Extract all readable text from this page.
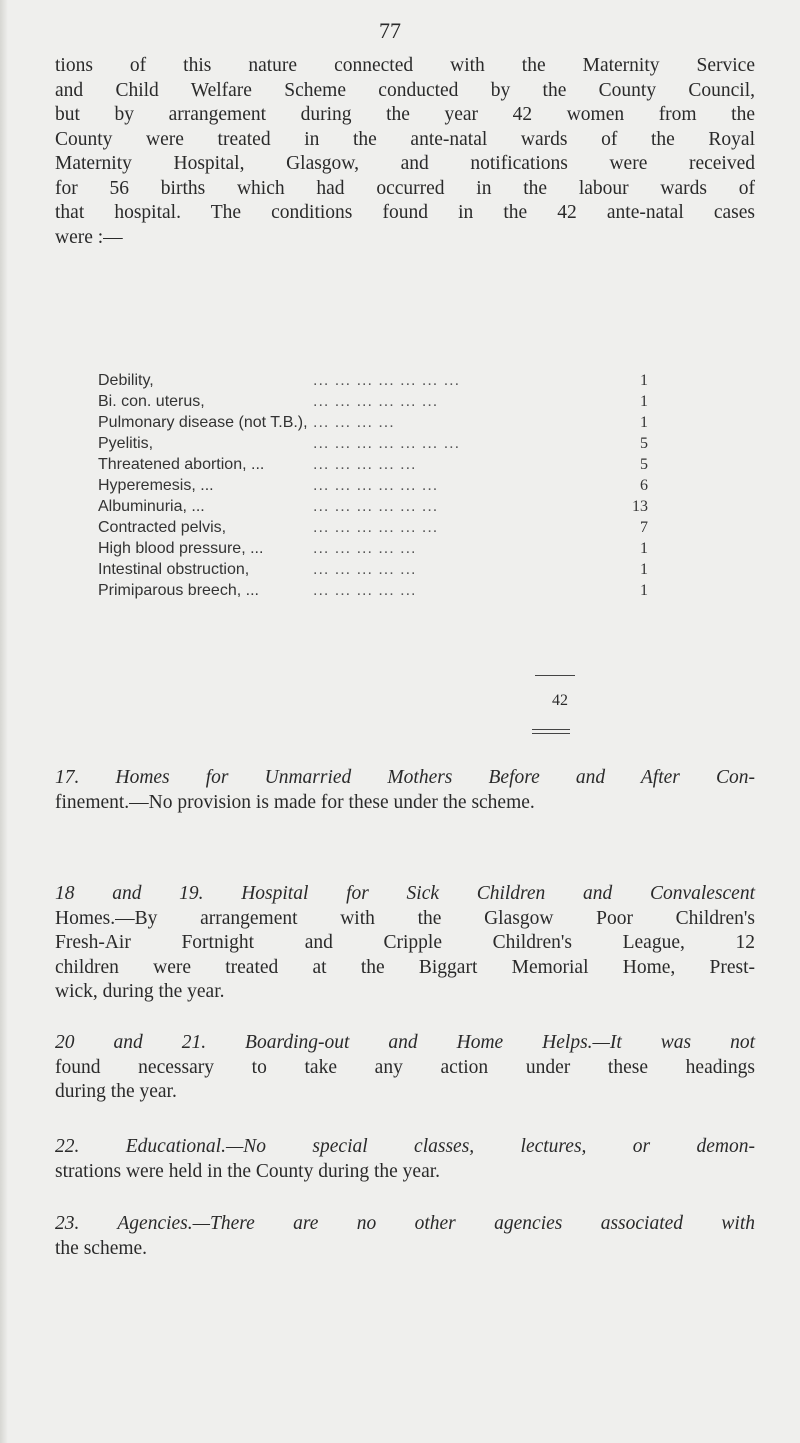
77

tions of this nature connected with the Maternity Service
and Child Welfare Scheme conducted by the County Council,
but by arrangement during the year 42 women from the
County were treated in the ante-natal wards of the Royal
Maternity Hospital, Glasgow, and notifications were received
for 56 births which had occurred in the labour wards of
that hospital. The conditions found in the 42 ante-natal cases
were :—

Debility,	... ... ... ... ... ... ...	1
Bi. con. uterus,	... ... ... ... ... ...	1
Pulmonary disease (not T.B.), ... ... ... ...	1
Pyelitis,	... ... ... ... ... ... ...	5
Threatened abortion, ...	... ... ... ... ...	5
Hyperemesis, ...	... ... ... ... ... ...	6
Albuminuria, ...	... ... ... ... ... ...	13
Contracted pelvis,	... ... ... ... ... ...	7
High blood pressure, ...	... ... ... ... ...	1
Intestinal obstruction,	... ... ... ... ...	1
Primiparous breech, ...	... ... ... ... ...	1
42

17. Homes for Unmarried Mothers Before and After Con-
finement.—No provision is made for these under the scheme.

18 and 19. Hospital for Sick Children and Convalescent
Homes.—By arrangement with the Glasgow Poor Children's
Fresh-Air Fortnight and Cripple Children's League, 12
children were treated at the Biggart Memorial Home, Prest-
wick, during the year.

20 and 21. Boarding-out and Home Helps.—It was not
found necessary to take any action under these headings
during the year.

22. Educational.—No special classes, lectures, or demon-
strations were held in the County during the year.

23. Agencies.—There are no other agencies associated with
the scheme.
